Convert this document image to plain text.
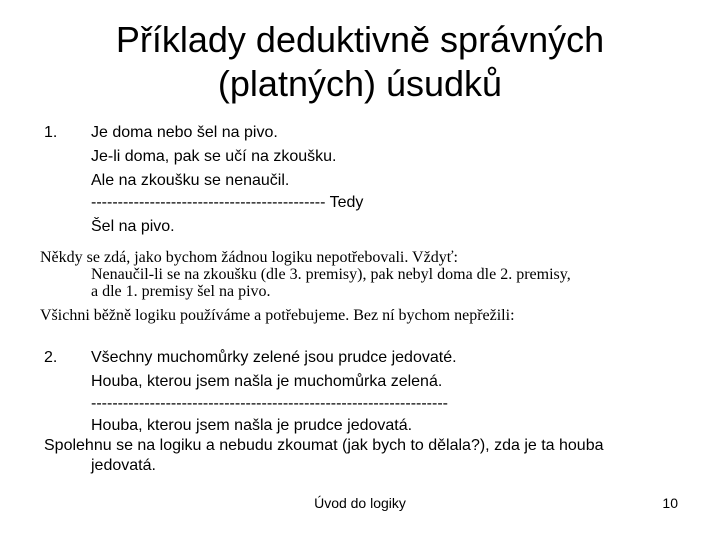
Příklady deduktivně správných
(platných) úsudků
1. Je doma nebo šel na pivo.
Je-li doma, pak se učí na zkoušku.
Ale na zkoušku se nenaučil.
-------------------------------------------- Tedy
Šel na pivo.
Někdy se zdá, jako bychom žádnou logiku nepotřebovali. Vždyť:
Nenaučil-li se na zkoušku (dle 3. premisy), pak nebyl doma dle 2. premisy,
a dle 1. premisy šel na pivo.
Všichni běžně logiku používáme a potřebujeme. Bez ní bychom nepřežili:
2. Všechny muchomůrky zelené jsou prudce jedovaté.
Houba, kterou jsem našla je muchomůrka zelená.
-------------------------------------------------------------------
Houba, kterou jsem našla je prudce jedovatá.
Spolehnu se na logiku a nebudu zkoumat (jak bych to dělala?), zda je ta houba
jedovatá.
Úvod do logiky	10
